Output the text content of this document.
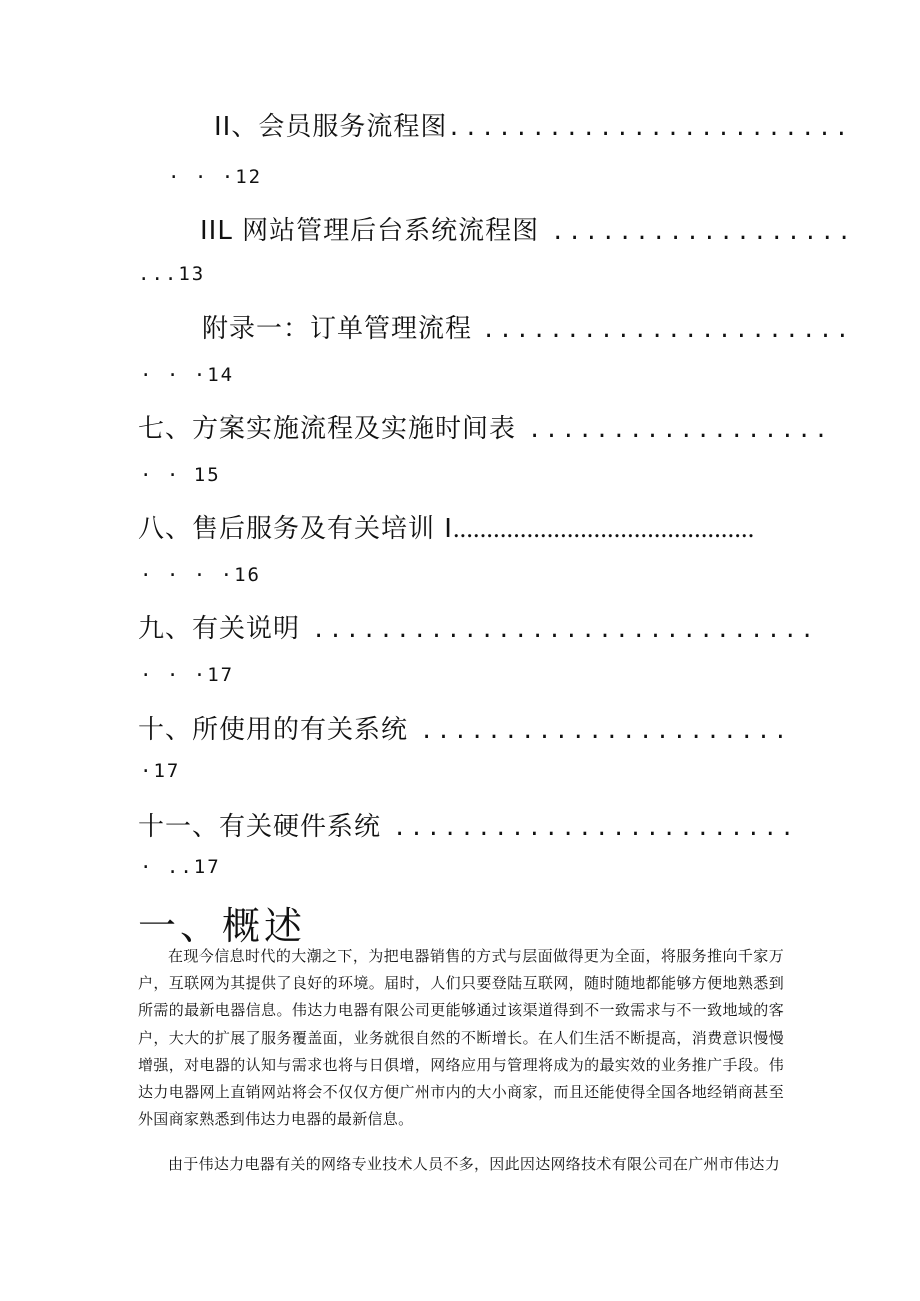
II、会员服务流程图........................
· · ·12
IIL 网站管理后台系统流程图 ..................
...13
附录一：订单管理流程 ......................
· · ·14
七、方案实施流程及实施时间表 ..................
· · 15
八、售后服务及有关培训 I.............................................
· · · ·16
九、有关说明 ..............................
· · ·17
十、所使用的有关系统 ......................
·17
十一、有关硬件系统 ........................
· ..17
一、概述

在现今信息时代的大潮之下，为把电器销售的方式与层面做得更为全面，将服务推向千家万户，互联网为其提供了良好的环境。届时，人们只要登陆互联网，随时随地都能够方便地熟悉到所需的最新电器信息。伟达力电器有限公司更能够通过该渠道得到不一致需求与不一致地域的客户，大大的扩展了服务覆盖面，业务就很自然的不断增长。在人们生活不断提高，消费意识慢慢增强，对电器的认知与需求也将与日俱增，网络应用与管理将成为的最实效的业务推广手段。伟达力电器网上直销网站将会不仅仅方便广州市内的大小商家，而且还能使得全国各地经销商甚至外国商家熟悉到伟达力电器的最新信息。

由于伟达力电器有关的网络专业技术人员不多，因此因达网络技术有限公司在广州市伟达力
